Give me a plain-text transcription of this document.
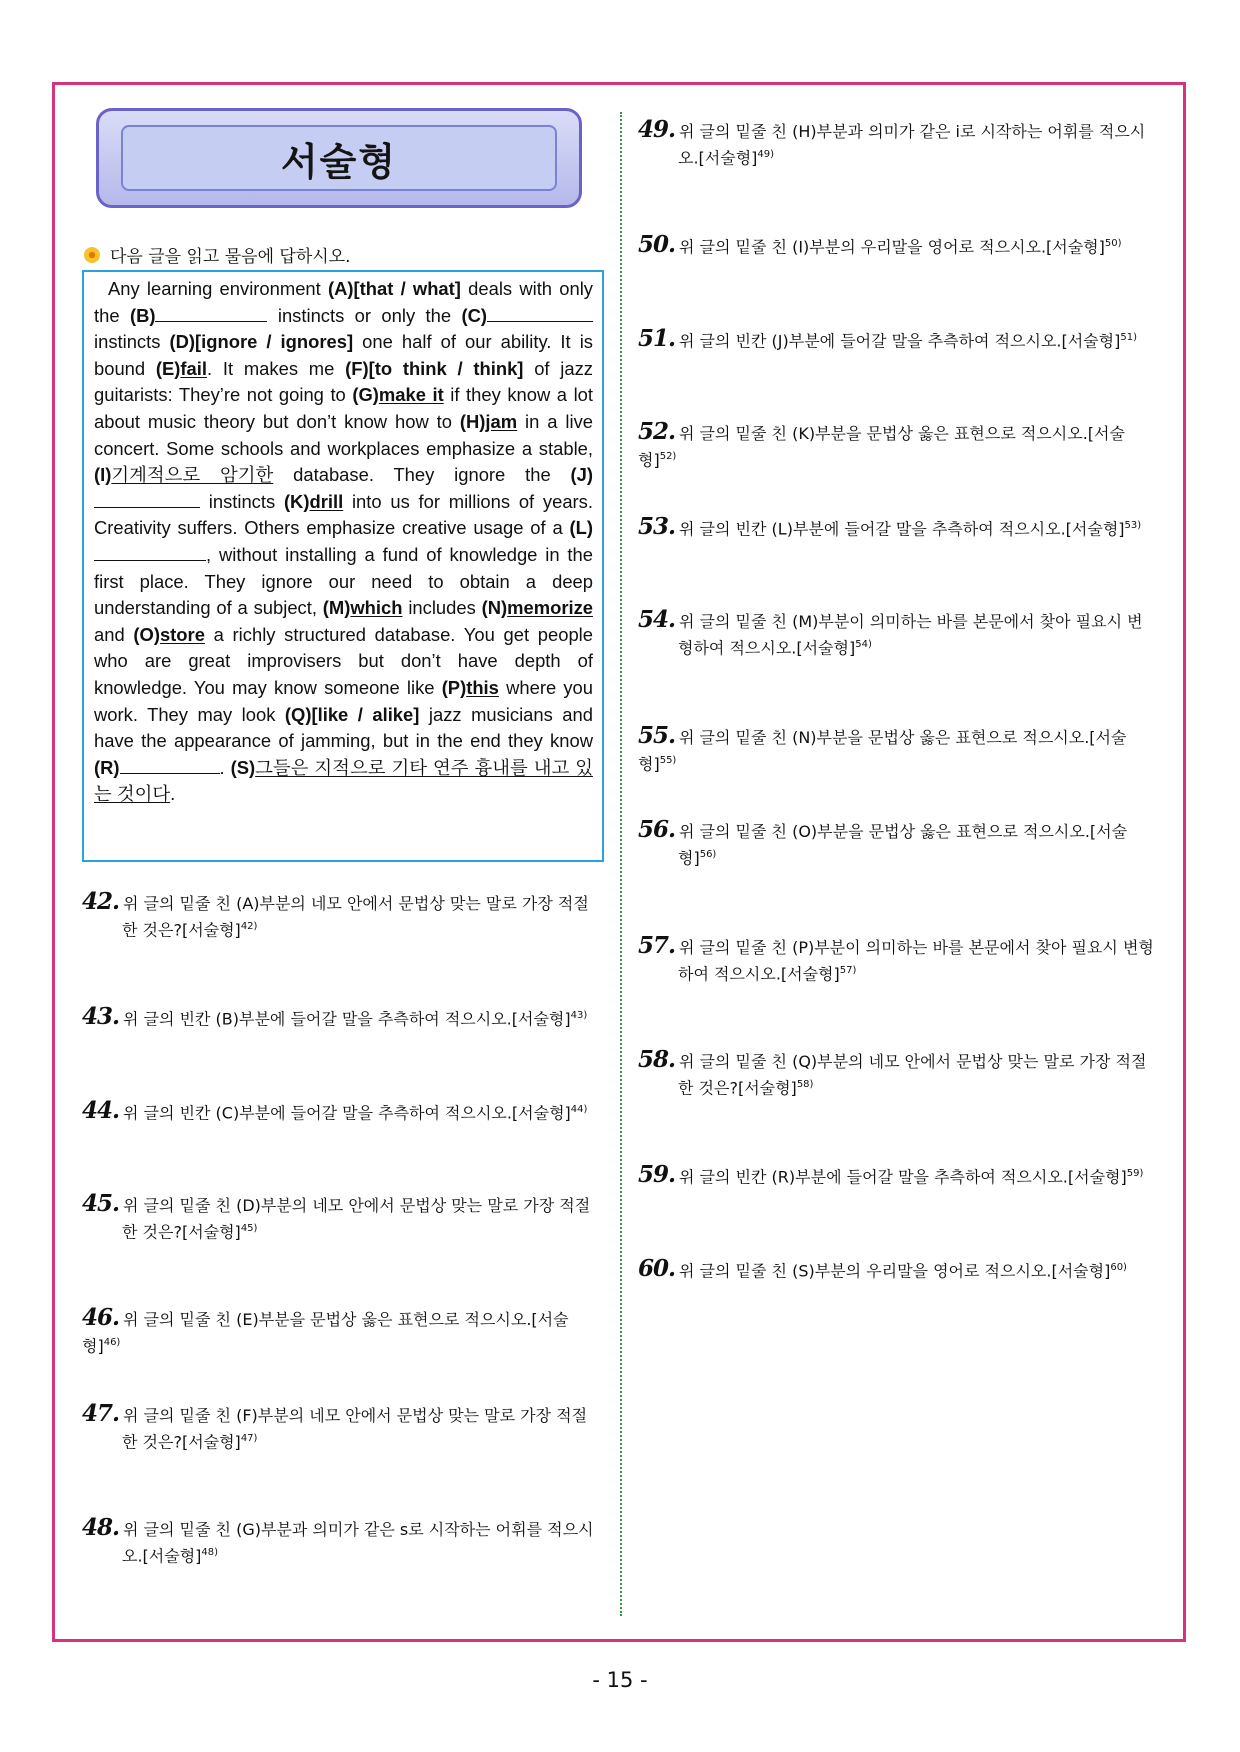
서술형
다음 글을 읽고 물음에 답하시오.
Any learning environment (A)[that / what] deals with only the (B)	instincts or only the (C) instincts (D)[ignore / ignores] one half of our ability. It is bound (E)fail. It makes me (F)[to think / think] of jazz guitarists: They’re not going to (G)make it if they know a lot about music theory but don’t know how to (H)jam in a live concert. Some schools and workplaces emphasize a stable, (I)기계적으로 암기한 database. They ignore the (J) instincts (K)drill into us for millions of years. Creativity suffers. Others emphasize creative usage of a (L), without installing a fund of knowledge in the first place. They ignore our need to obtain a deep understanding of a subject, (M)which includes (N)memorize and (O)store a richly structured database. You get people who are great improvisers but don’t have depth of knowledge. You may know someone like (P)this where you work. They may look (Q)[like / alike] jazz musicians and have the appearance of jamming, but in the end they know (R)	. (S)그들은 지적으로 기타 연주 흉내를 내고 있는 것이다.
42. 위 글의 밑줄 친 (A)부분의 네모 안에서 문법상 맞는 말로 가장 적절
한 것은?[서술형]$^{42)}$
43. 위 글의 빈칸 (B)부분에 들어갈 말을 추측하여 적으시오.[서술형]$^{43)}$
44. 위 글의 빈칸 (C)부분에 들어갈 말을 추측하여 적으시오.[서술형]$^{44)}$
45. 위 글의 밑줄 친 (D)부분의 네모 안에서 문법상 맞는 말로 가장 적절
한 것은?[서술형]$^{45)}$
46. 위 글의 밑줄 친 (E)부분을 문법상 옳은 표현으로 적으시오.[서술형]$^{46)}$
47. 위 글의 밑줄 친 (F)부분의 네모 안에서 문법상 맞는 말로 가장 적절
한 것은?[서술형]$^{47)}$
48. 위 글의 밑줄 친 (G)부분과 의미가 같은 s로 시작하는 어휘를 적으시
오.[서술형]$^{48)}$
49. 위 글의 밑줄 친 (H)부분과 의미가 같은 i로 시작하는 어휘를 적으시
오.[서술형]$^{49)}$
50. 위 글의 밑줄 친 (I)부분의 우리말을 영어로 적으시오.[서술형]$^{50)}$
51. 위 글의 빈칸 (J)부분에 들어갈 말을 추측하여 적으시오.[서술형]$^{51)}$
52. 위 글의 밑줄 친 (K)부분을 문법상 옳은 표현으로 적으시오.[서술형]$^{52)}$
53. 위 글의 빈칸 (L)부분에 들어갈 말을 추측하여 적으시오.[서술형]$^{53)}$
54. 위 글의 밑줄 친 (M)부분이 의미하는 바를 본문에서 찾아 필요시 변
형하여 적으시오.[서술형]$^{54)}$
55. 위 글의 밑줄 친 (N)부분을 문법상 옳은 표현으로 적으시오.[서술형]$^{55)}$
56. 위 글의 밑줄 친 (O)부분을 문법상 옳은 표현으로 적으시오.[서술
형]$^{56)}$
57. 위 글의 밑줄 친 (P)부분이 의미하는 바를 본문에서 찾아 필요시 변형
하여 적으시오.[서술형]$^{57)}$
58. 위 글의 밑줄 친 (Q)부분의 네모 안에서 문법상 맞는 말로 가장 적절
한 것은?[서술형]$^{58)}$
59. 위 글의 빈칸 (R)부분에 들어갈 말을 추측하여 적으시오.[서술형]$^{59)}$
60. 위 글의 밑줄 친 (S)부분의 우리말을 영어로 적으시오.[서술형]$^{60)}$
- 15 -
